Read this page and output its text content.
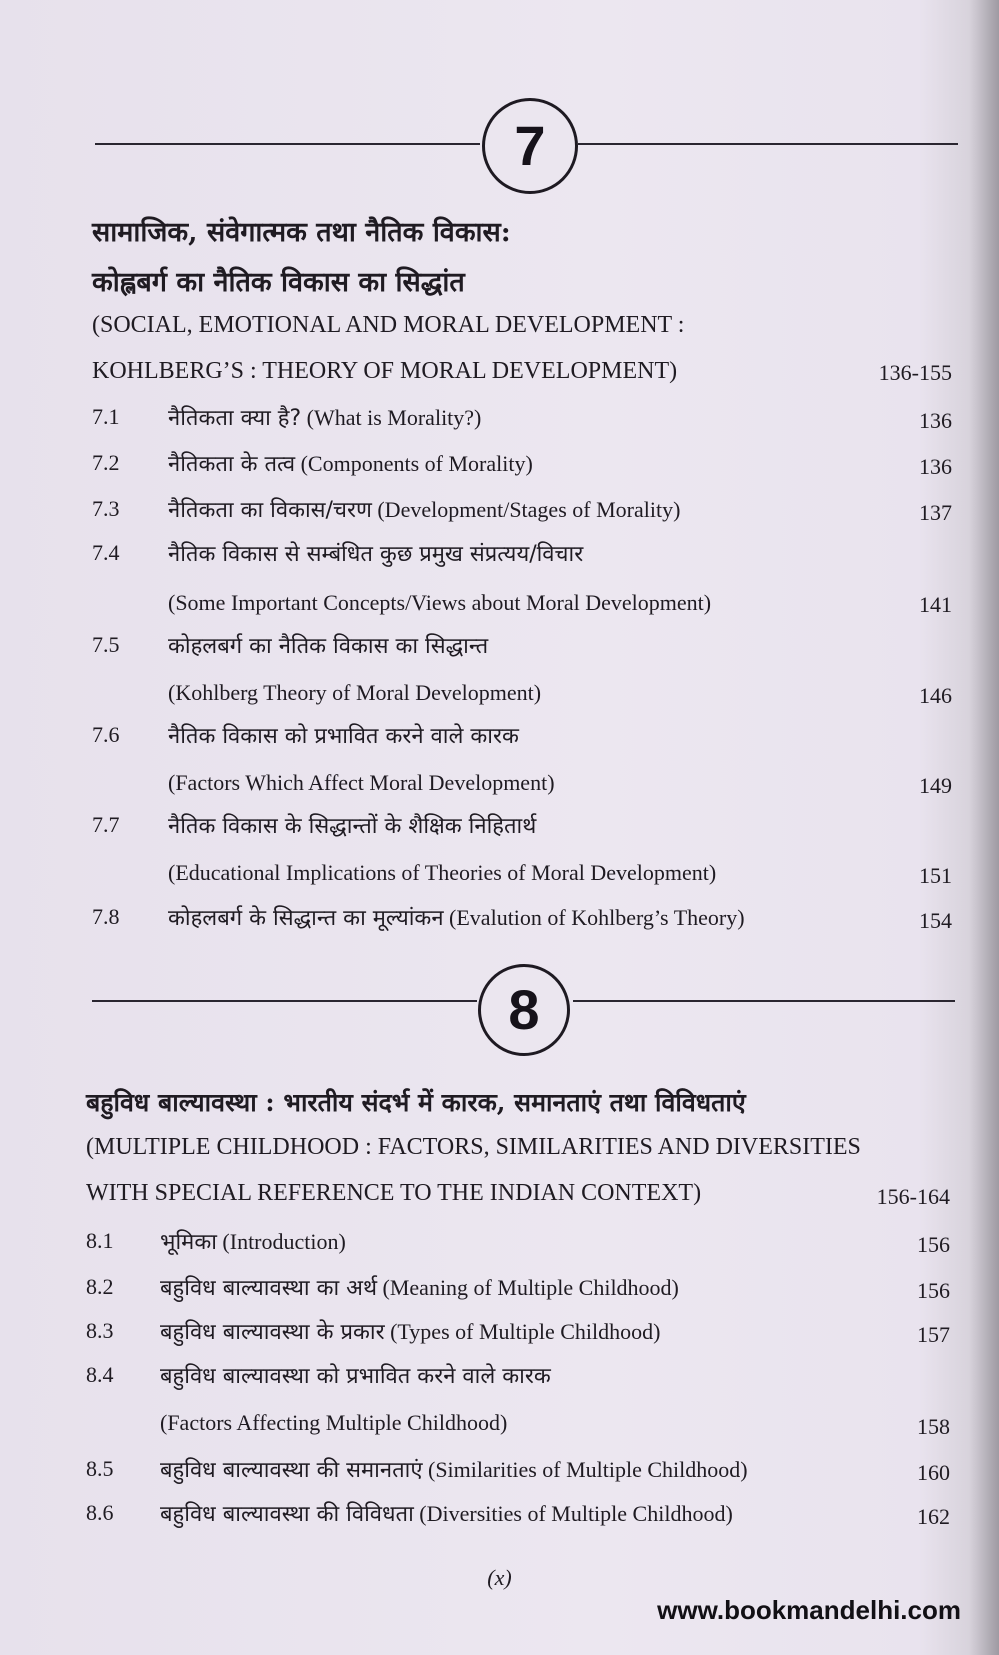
7
सामाजिक, संवेगात्मक तथा नैतिक विकास:
कोह्लबर्ग का नैतिक विकास का सिद्धांत
(SOCIAL, EMOTIONAL AND MORAL DEVELOPMENT :
KOHLBERG’S : THEORY OF MORAL DEVELOPMENT)	136-155
7.1 नैतिकता क्या है? (What is Morality?)	136
7.2 नैतिकता के तत्व (Components of Morality)	136
7.3 नैतिकता का विकास/चरण (Development/Stages of Morality)	137
7.4 नैतिक विकास से सम्बंधित कुछ प्रमुख संप्रत्यय/विचार
(Some Important Concepts/Views about Moral Development)	141
7.5 कोहलबर्ग का नैतिक विकास का सिद्धान्त
(Kohlberg Theory of Moral Development)	146
7.6 नैतिक विकास को प्रभावित करने वाले कारक
(Factors Which Affect Moral Development)	149
7.7 नैतिक विकास के सिद्धान्तों के शैक्षिक निहितार्थ
(Educational Implications of Theories of Moral Development)	151
7.8 कोहलबर्ग के सिद्धान्त का मूल्यांकन (Evalution of Kohlberg’s Theory)	154
8
बहुविध बाल्यावस्था : भारतीय संदर्भ में कारक, समानताएं तथा विविधताएं
(MULTIPLE CHILDHOOD : FACTORS, SIMILARITIES AND DIVERSITIES
WITH SPECIAL REFERENCE TO THE INDIAN CONTEXT)	156-164
8.1 भूमिका (Introduction)	156
8.2 बहुविध बाल्यावस्था का अर्थ (Meaning of Multiple Childhood)	156
8.3 बहुविध बाल्यावस्था के प्रकार (Types of Multiple Childhood)	157
8.4 बहुविध बाल्यावस्था को प्रभावित करने वाले कारक
(Factors Affecting Multiple Childhood)	158
8.5 बहुविध बाल्यावस्था की समानताएं (Similarities of Multiple Childhood)	160
8.6 बहुविध बाल्यावस्था की विविधता (Diversities of Multiple Childhood)	162
(x)
www.bookmandelhi.com
